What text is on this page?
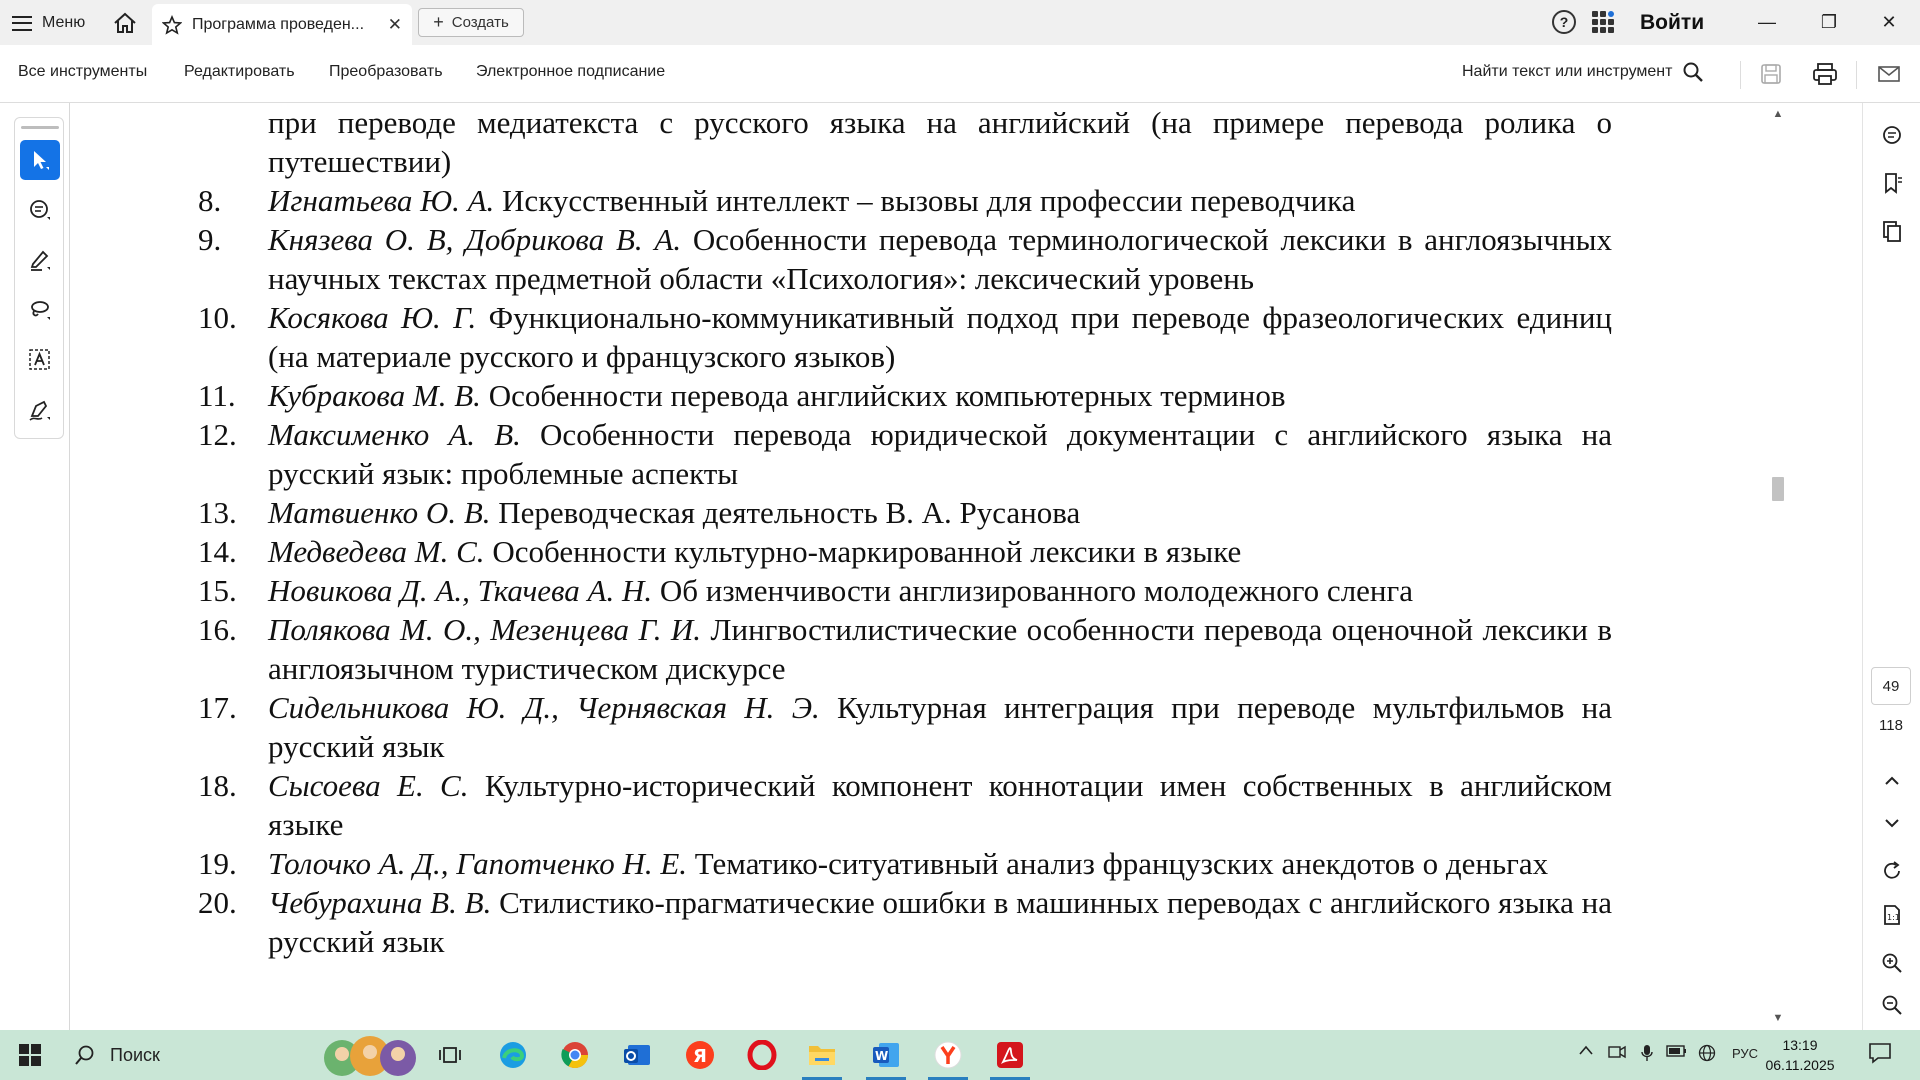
Меню	Программа проведен...	✕ + Создать	?	Войти	—	❐	✕
Все инструменты Редактировать Преобразовать Электронное подписание	Найти текст или инструмент
при переводе медиатекста с русского языка на английский (на примере перевода ролика о путешествии)
8.	Игнатьева Ю. А. Искусственный интеллект – вызовы для профессии переводчика
9.	Князева О. В, Добрикова В. А. Особенности перевода терминологической лексики в англоязычных научных текстах предметной области «Психология»: лексический уровень
10.	Косякова Ю. Г. Функционально-коммуникативный подход при переводе фразеологических единиц (на материале русского и французского языков)
11.	Кубракова М. В. Особенности перевода английских компьютерных терминов
12.	Максименко А. В. Особенности перевода юридической документации с английского языка на русский язык: проблемные аспекты
13.	Матвиенко О. В. Переводческая деятельность В. А. Русанова
14.	Медведева М. С. Особенности культурно-маркированной лексики в языке
15.	Новикова Д. А., Ткачева А. Н. Об изменчивости англизированного молодежного сленга
16.	Полякова М. О., Мезенцева Г. И. Лингвостилистические особенности перевода оценочной лексики в англоязычном туристическом дискурсе
17.	Сидельникова Ю. Д., Чернявская Н. Э. Культурная интеграция при переводе мультфильмов на русский язык
18.	Сысоева Е. С. Культурно-исторический компонент коннотации имен собственных в английском языке
19.	Толочко А. Д., Гапотченко Н. Е. Тематико-ситуативный анализ французских анекдотов о деньгах
20.	Чебурахина В. В. Стилистико-прагматические ошибки в машинных переводах с английского языка на русский язык
▲
▼
49
118
1:1
Поиск	Я	W	РУС
13:19
06.11.2025
